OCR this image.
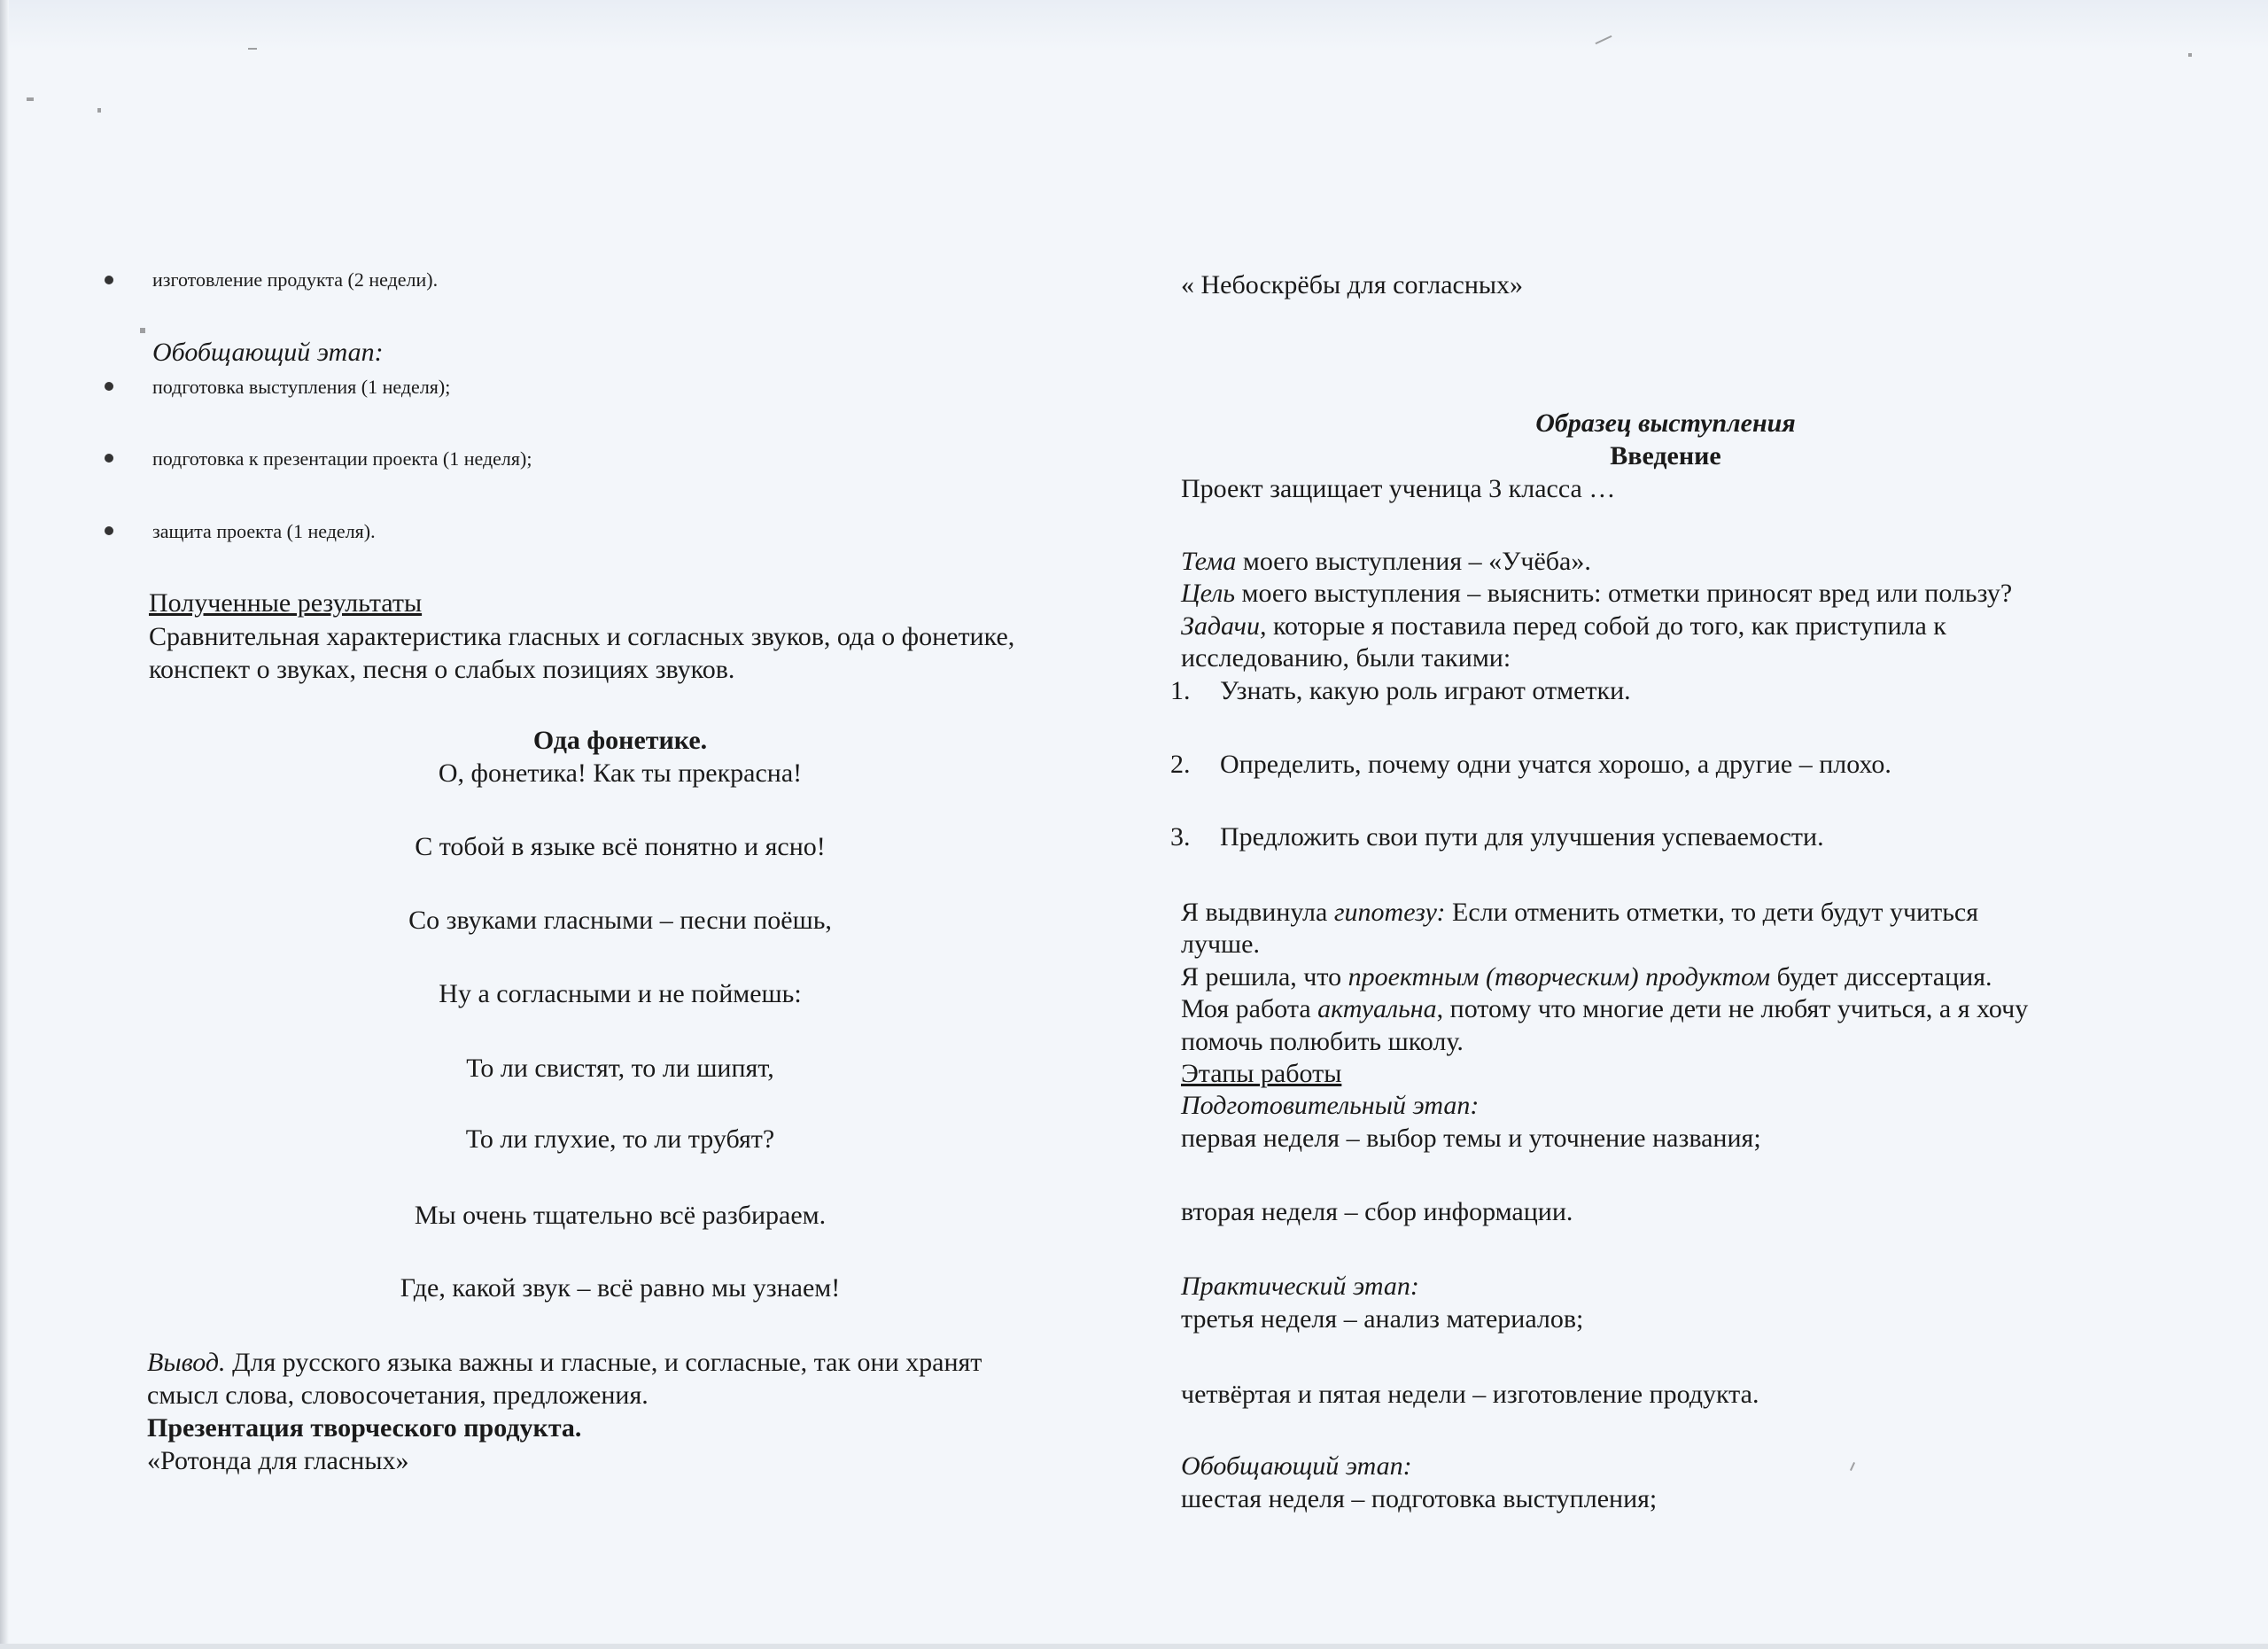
изготовление продукта (2 недели).
Обобщающий этап:
подготовка выступления (1 неделя);
подготовка к презентации проекта (1 неделя);
защита проекта (1 неделя).
Полученные результаты
Сравнительная характеристика гласных и согласных звуков, ода о фонетике,
конспект о звуках, песня о слабых позициях звуков.
Ода фонетике.
О, фонетика! Как ты прекрасна!
С тобой в языке всё понятно и ясно!
Со звуками гласными – песни поёшь,
Ну а согласными и не поймешь:
То ли свистят, то ли шипят,
То ли глухие, то ли трубят?
Мы очень тщательно всё разбираем.
Где, какой звук – всё равно мы узнаем!
Вывод. Для русского языка важны и гласные, и согласные, так они хранят
смысл слова, словосочетания, предложения.
Презентация творческого продукта.
«Ротонда для гласных»
« Небоскрёбы для согласных»
Образец выступления
Введение
Проект защищает ученица 3 класса …
Тема моего выступления – «Учёба».
Цель моего выступления – выяснить: отметки приносят вред или пользу?
Задачи, которые я поставила перед собой до того, как приступила к
исследованию, были такими:
1. Узнать, какую роль играют отметки.
2. Определить, почему одни учатся хорошо, а другие – плохо.
3. Предложить свои пути для улучшения успеваемости.
Я выдвинула гипотезу: Если отменить отметки, то дети будут учиться
лучше.
Я решила, что проектным (творческим) продуктом будет диссертация.
Моя работа актуальна, потому что многие дети не любят учиться, а я хочу
помочь полюбить школу.
Этапы работы
Подготовительный этап:
первая неделя – выбор темы и уточнение названия;
вторая неделя – сбор информации.
Практический этап:
третья неделя – анализ материалов;
четвёртая и пятая недели – изготовление продукта.
Обобщающий этап:
шестая неделя – подготовка выступления;
